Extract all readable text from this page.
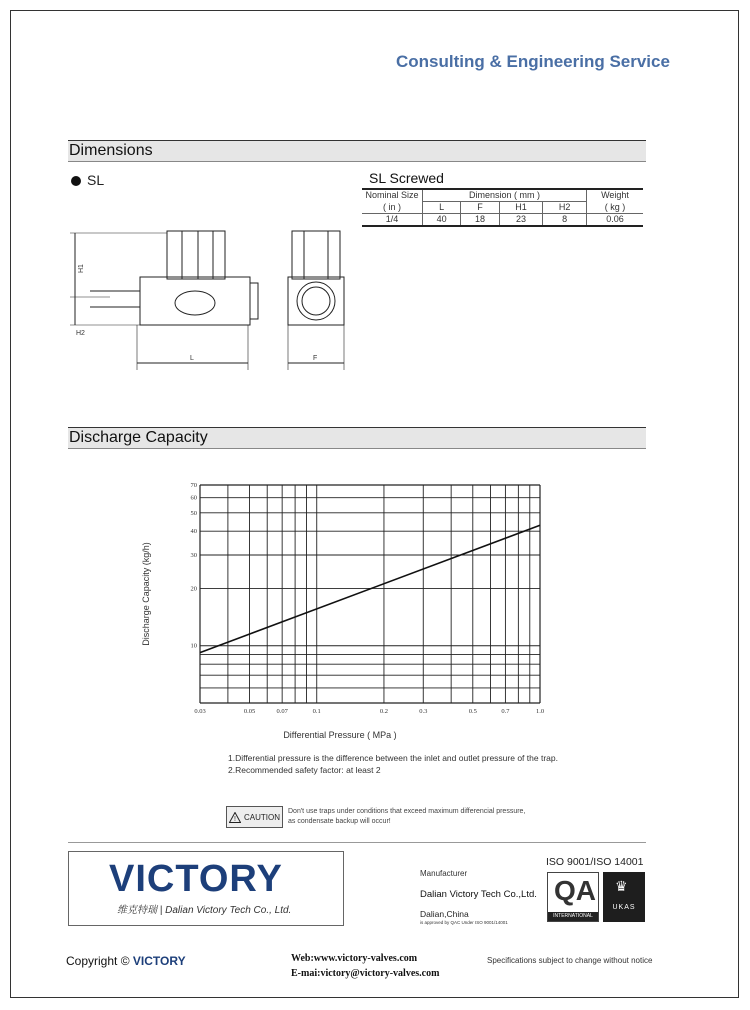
Consulting & Engineering Service
Dimensions
SL	SL Screwed
Nominal Size	Dimension ( mm )				Weight
( in )	L	F	H1	H2	( kg )
1/4	40	18	23	8	0.06
H1
H2
L	F
Discharge Capacity
0.03	0.05	0.07	0.1	0.2	0.3	0.5	0.7	1.0
10
20
30
40
50
60
70
Discharge Capacity (kg/h)
Differential Pressure ( MPa )
1.Differential pressure is the difference between the inlet and outlet pressure of the trap.
2.Recommended safety factor: at least 2
! CAUTION
Don't use traps under conditions that exceed maximum differencial pressure, as condensate backup will occur!
VICTORY
维克特瑞 | Dalian Victory Tech Co., Ltd.
Manufacturer
Dalian Victory Tech Co.,Ltd.
Dalian,China
is approved by QAC Under ISO 9001/14001
ISO 9001/ISO 14001
QA
INTERNATIONAL
♛
UKAS
Copyright © VICTORY	Web:www.victory-valves.com
E-mai:victory@victory-valves.com
Specifications subject to change without notice
